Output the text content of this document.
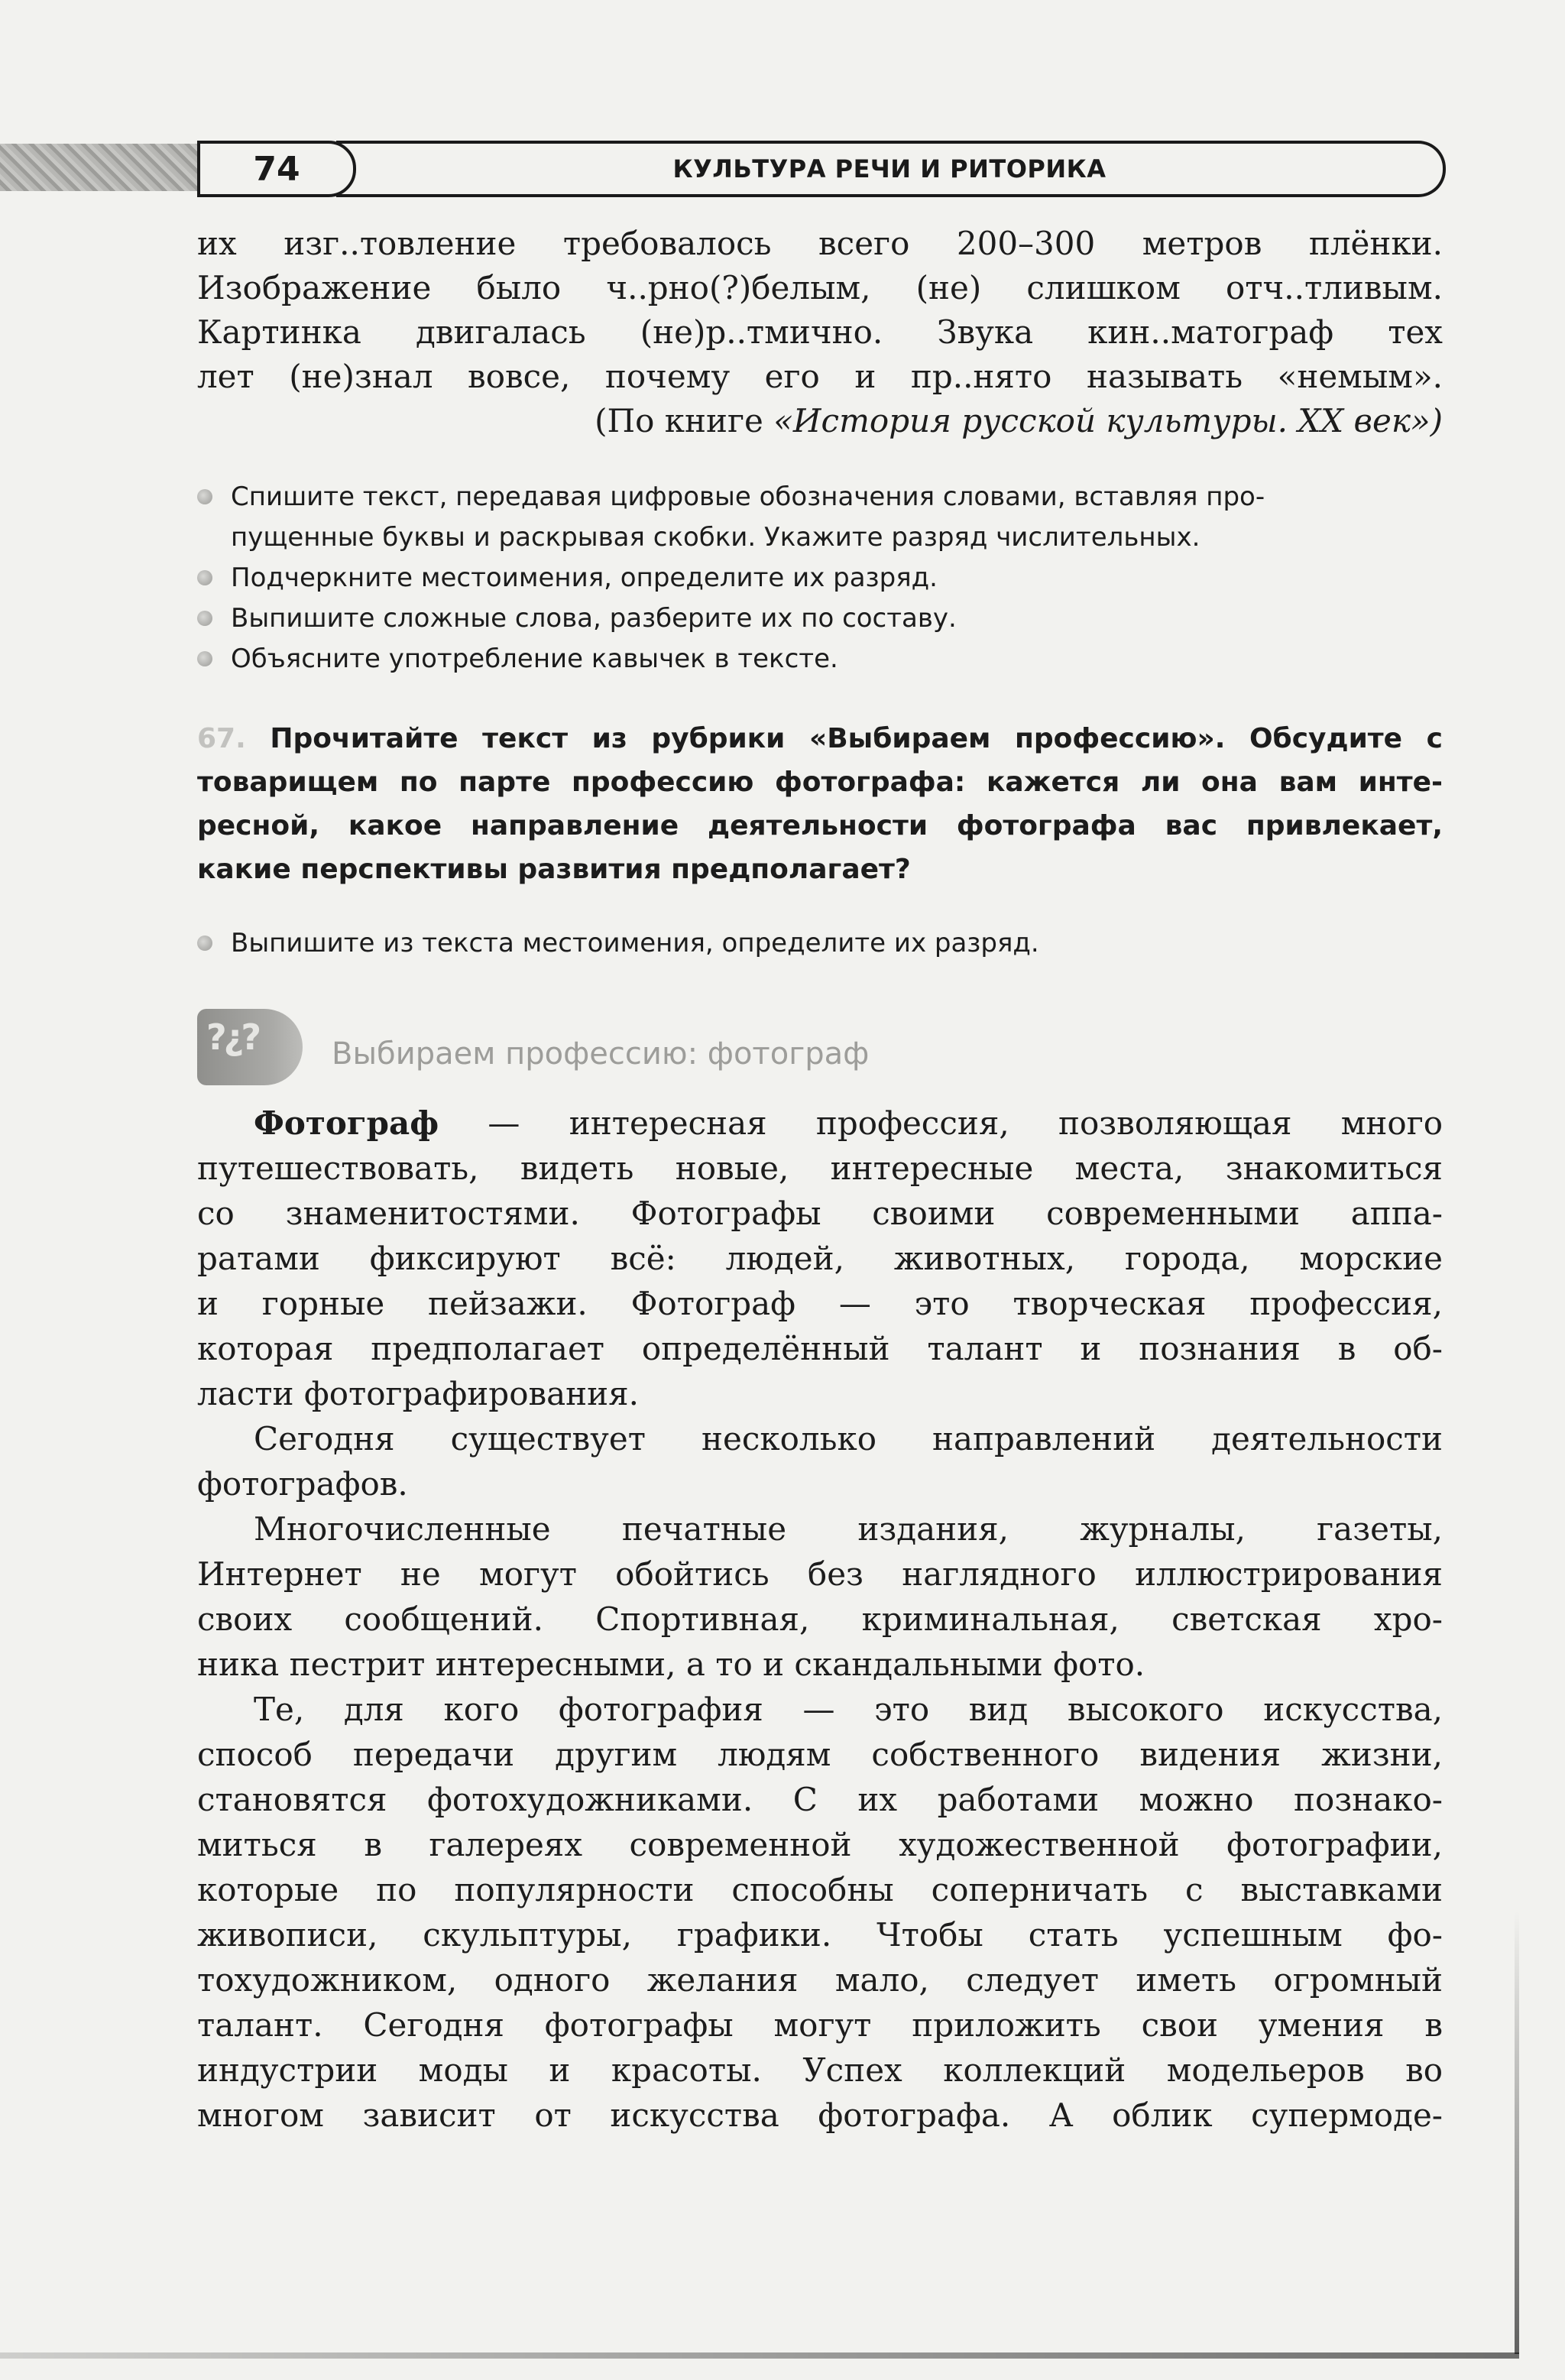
КУЛЬТУРА РЕЧИ И РИТОРИКА
74
их изг..товление требовалось всего 200–300 метров плёнки.
Изображение было ч..рно(?)белым, (не) слишком отч..тливым.
Картинка двигалась (не)р..тмично. Звука кин..матограф тех
лет (не)знал вовсе, почему его и пр..нято называть «немым».
(По книге «История русской культуры. XX век»)
Спишите текст, передавая цифровые обозначения словами, вставляя про-
пущенные буквы и раскрывая скобки. Укажите разряд числительных.
Подчеркните местоимения, определите их разряд.
Выпишите сложные слова, разберите их по составу.
Объясните употребление кавычек в тексте.
67. Прочитайте текст из рубрики «Выбираем профессию». Обсудите с
товарищем по парте профессию фотографа: кажется ли она вам инте-
ресной, какое направление деятельности фотографа вас привлекает,
какие перспективы развития предполагает?
Выпишите из текста местоимения, определите их разряд.
?¿? Выбираем профессию: фотограф
Фотограф — интересная профессия, позволяющая много
путешествовать, видеть новые, интересные места, знакомиться
со знаменитостями. Фотографы своими современными аппа-
ратами фиксируют всё: людей, животных, города, морские
и горные пейзажи. Фотограф — это творческая профессия,
которая предполагает определённый талант и познания в об-
ласти фотографирования.
Сегодня существует несколько направлений деятельности
фотографов.
Многочисленные печатные издания, журналы, газеты,
Интернет не могут обойтись без наглядного иллюстрирования
своих сообщений. Спортивная, криминальная, светская хро-
ника пестрит интересными, а то и скандальными фото.
Те, для кого фотография — это вид высокого искусства,
способ передачи другим людям собственного видения жизни,
становятся фотохудожниками. С их работами можно познако-
миться в галереях современной художественной фотографии,
которые по популярности способны соперничать с выставками
живописи, скульптуры, графики. Чтобы стать успешным фо-
тохудожником, одного желания мало, следует иметь огромный
талант. Сегодня фотографы могут приложить свои умения в
индустрии моды и красоты. Успех коллекций модельеров во
многом зависит от искусства фотографа. А облик супермоде-
